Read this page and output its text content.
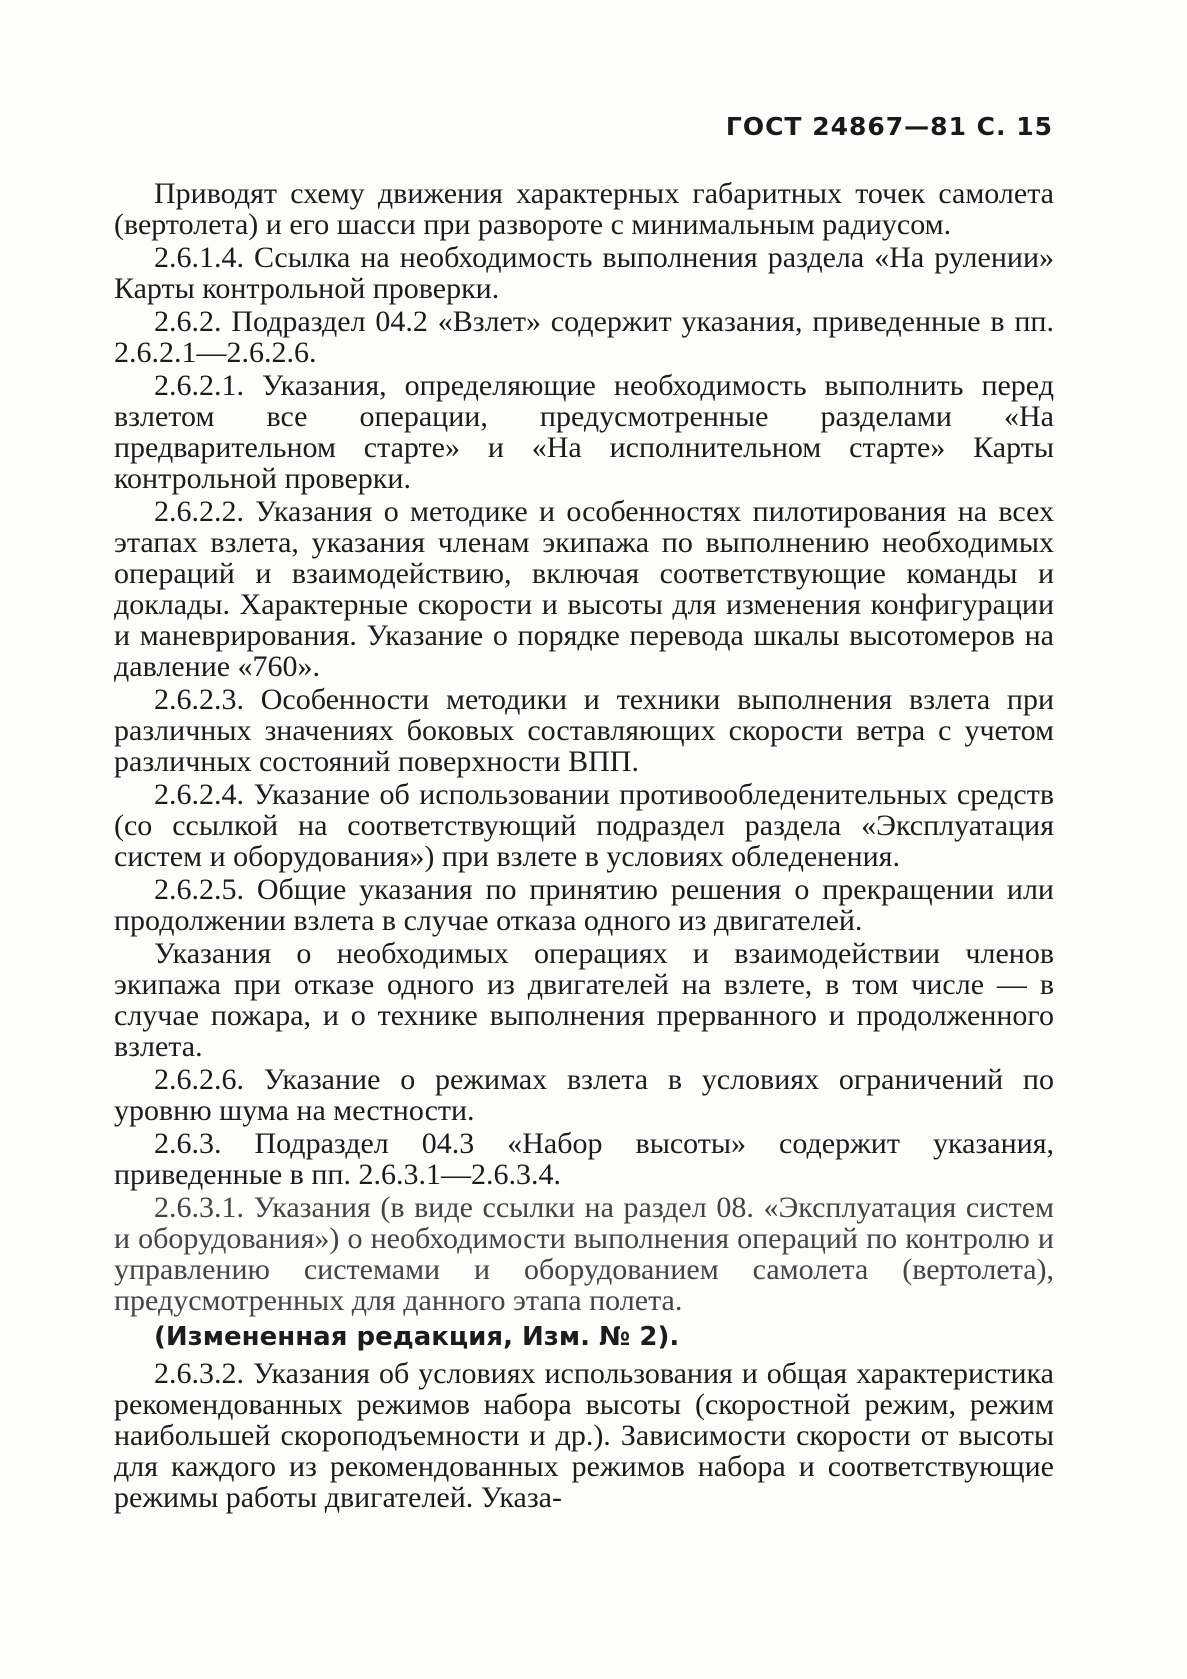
ГОСТ 24867—81 С. 15

Приводят схему движения характерных габаритных точек самолета (вертолета) и его шасси при развороте с минимальным радиусом.

2.6.1.4. Ссылка на необходимость выполнения раздела «На рулении» Карты контрольной проверки.

2.6.2. Подраздел 04.2 «Взлет» содержит указания, приведенные в пп. 2.6.2.1—2.6.2.6.

2.6.2.1. Указания, определяющие необходимость выполнить перед взлетом все операции, предусмотренные разделами «На предварительном старте» и «На исполнительном старте» Карты контрольной проверки.

2.6.2.2. Указания о методике и особенностях пилотирования на всех этапах взлета, указания членам экипажа по выполнению необходимых операций и взаимодействию, включая соответствующие команды и доклады. Характерные скорости и высоты для изменения конфигурации и маневрирования. Указание о порядке перевода шкалы высотомеров на давление «760».

2.6.2.3. Особенности методики и техники выполнения взлета при различных значениях боковых составляющих скорости ветра с учетом различных состояний поверхности ВПП.

2.6.2.4. Указание об использовании противообледенительных средств (со ссылкой на соответствующий подраздел раздела «Эксплуатация систем и оборудования») при взлете в условиях обледенения.

2.6.2.5. Общие указания по принятию решения о прекращении или продолжении взлета в случае отказа одного из двигателей.

Указания о необходимых операциях и взаимодействии членов экипажа при отказе одного из двигателей на взлете, в том числе — в случае пожара, и о технике выполнения прерванного и продолженного взлета.

2.6.2.6. Указание о режимах взлета в условиях ограничений по уровню шума на местности.

2.6.3. Подраздел 04.3 «Набор высоты» содержит указания, приведенные в пп. 2.6.3.1—2.6.3.4.

2.6.3.1. Указания (в виде ссылки на раздел 08. «Эксплуатация систем и оборудования») о необходимости выполнения операций по контролю и управлению системами и оборудованием самолета (вертолета), предусмотренных для данного этапа полета.

(Измененная редакция, Изм. № 2).

2.6.3.2. Указания об условиях использования и общая характеристика рекомендованных режимов набора высоты (скоростной режим, режим наибольшей скороподъемности и др.). Зависимости скорости от высоты для каждого из рекомендованных режимов набора и соответствующие режимы работы двигателей. Указа-
